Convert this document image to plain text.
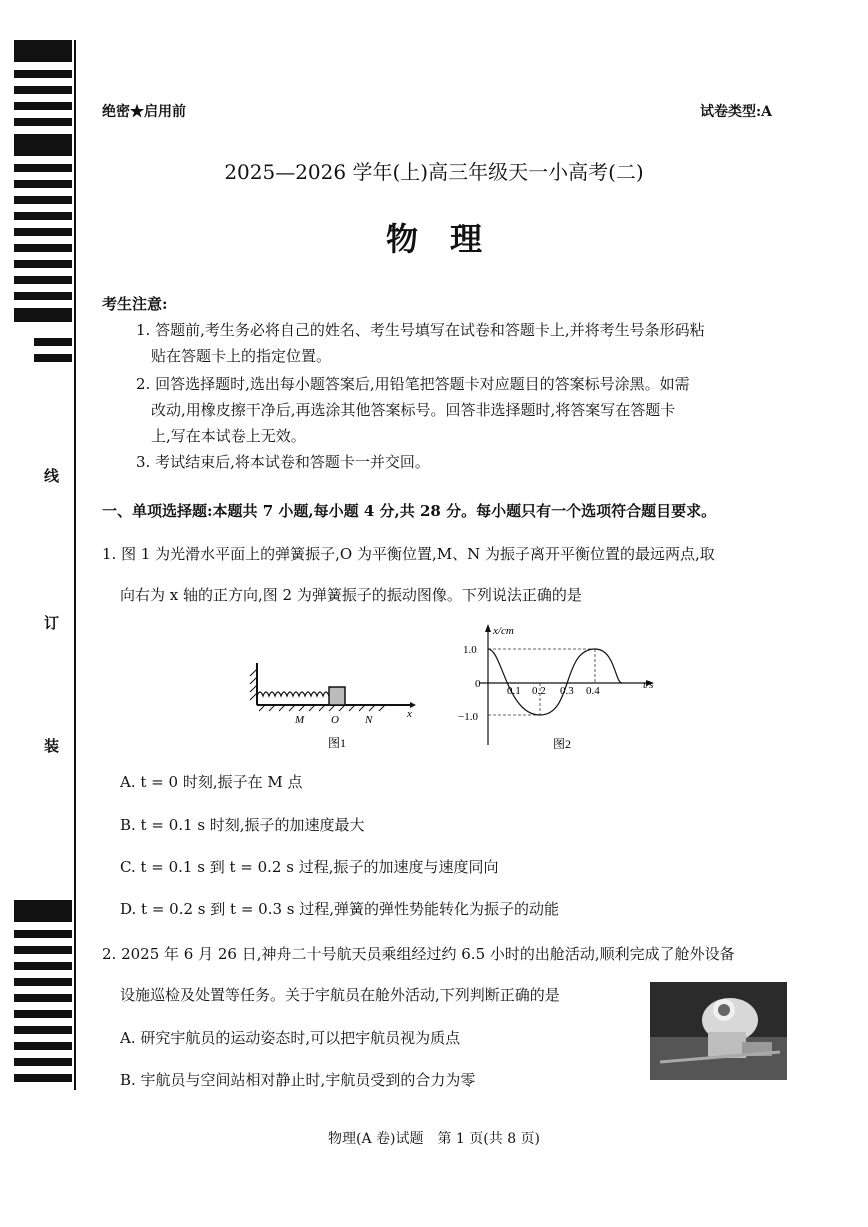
线
订
装
绝密★启用前	试卷类型:A
2025—2026 学年(上)高三年级天一小高考(二)
物　理
考生注意:
1. 答题前,考生务必将自己的姓名、考生号填写在试卷和答题卡上,并将考生号条形码粘
贴在答题卡上的指定位置。
2. 回答选择题时,选出每小题答案后,用铅笔把答题卡对应题目的答案标号涂黑。如需
改动,用橡皮擦干净后,再选涂其他答案标号。回答非选择题时,将答案写在答题卡
上,写在本试卷上无效。
3. 考试结束后,将本试卷和答题卡一并交回。
一、单项选择题:本题共 7 小题,每小题 4 分,共 28 分。每小题只有一个选项符合题目要求。
1. 图 1 为光滑水平面上的弹簧振子,O 为平衡位置,M、N 为振子离开平衡位置的最远两点,取
向右为 x 轴的正方向,图 2 为弹簧振子的振动图像。下列说法正确的是
M O N	x
图1
x/cm
t/s
1.0
0
−1.0
0.1 0.2 0.3 0.4
图2
A. t = 0 时刻,振子在 M 点
B. t = 0.1 s 时刻,振子的加速度最大
C. t = 0.1 s 到 t = 0.2 s 过程,振子的加速度与速度同向
D. t = 0.2 s 到 t = 0.3 s 过程,弹簧的弹性势能转化为振子的动能
2. 2025 年 6 月 26 日,神舟二十号航天员乘组经过约 6.5 小时的出舱活动,顺利完成了舱外设备
设施巡检及处置等任务。关于宇航员在舱外活动,下列判断正确的是
A. 研究宇航员的运动姿态时,可以把宇航员视为质点
B. 宇航员与空间站相对静止时,宇航员受到的合力为零
物理(A 卷)试题　第 1 页(共 8 页)
